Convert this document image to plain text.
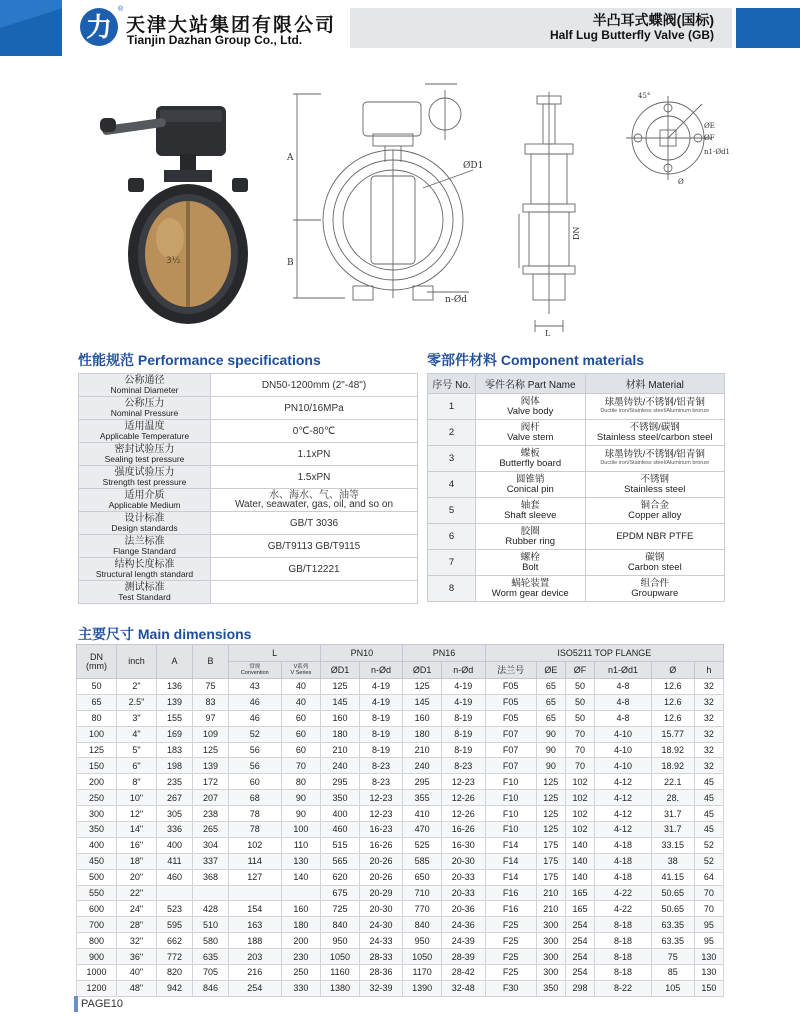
力
®
天津大站集团有限公司
Tianjin Dazhan Group Co., Ltd.
半凸耳式蝶阀(国标)
Half Lug Butterfly Valve (GB)
3½
A
B
ØD1
n-Ød
DN
L
45°
ØE
ØF
n1-Ød1
Ø
性能规范 Performance specifications
公称通径
Nominal Diameter	DN50-1200mm (2"-48")

公称压力
Nominal Pressure	PN10/16MPa

适用温度
Applicable Temperature	0℃-80℃

密封试验压力
Sealing test pressure	1.1xPN

强度试验压力
Strength test pressure	1.5xPN

适用介质
Applicable Medium	水、海水、气、油等
Water, seawater, gas, oil, and so on

设计标准
Design standards	GB/T 3036

法兰标准
Flange Standard	GB/T9113 GB/T9115

结构长度标准
Structural length standard	GB/T12221

测试标准
Test Standard	

零部件材料 Component materials
序号 No.	零件名称 Part Name	材料 Material
1	阀体
Valve body	球墨铸铁/不锈钢/铝青铜
Ductile iron/Stainless steel/Aluminum bronze

2	阀杆
Valve stem	不锈钢/碳钢
Stainless steel/carbon steel

3	蝶板
Butterfly board	球墨铸铁/不锈钢/铝青铜
Ductile iron/Stainless steel/Aluminum bronze

4	圆锥销
Conical pin	不锈钢
Stainless steel

5	轴套
Shaft sleeve	铜合金
Copper alloy

6	胶圈
Rubber ring	EPDM NBR PTFE

7	螺栓
Bolt	碳钢
Carbon steel

8	蜗轮装置
Worm gear device	组合件
Groupware
主要尺寸 Main dimensions
DN
(mm)	inch	A	B	L		PN10		PN16		ISO5211 TOP FLANGE					

				常规
Convention	V系列
V Series	ØD1	n-Ød	ØD1	n-Ød	法兰号	ØE	ØF	n1-Ød1	Ø	h
50	2"	136	75	43	40	125	4-19	125	4-19	F05	65	50	4-8	12.6	32
65	2.5"	139	83	46	40	145	4-19	145	4-19	F05	65	50	4-8	12.6	32
80	3"	155	97	46	60	160	8-19	160	8-19	F05	65	50	4-8	12.6	32
100	4"	169	109	52	60	180	8-19	180	8-19	F07	90	70	4-10	15.77	32
125	5"	183	125	56	60	210	8-19	210	8-19	F07	90	70	4-10	18.92	32
150	6"	198	139	56	70	240	8-23	240	8-23	F07	90	70	4-10	18.92	32
200	8"	235	172	60	80	295	8-23	295	12-23	F10	125	102	4-12	22.1	45
250	10"	267	207	68	90	350	12-23	355	12-26	F10	125	102	4-12	28.	45
300	12"	305	238	78	90	400	12-23	410	12-26	F10	125	102	4-12	31.7	45
350	14"	336	265	78	100	460	16-23	470	16-26	F10	125	102	4-12	31.7	45
400	16"	400	304	102	110	515	16-26	525	16-30	F14	175	140	4-18	33.15	52
450	18"	411	337	114	130	565	20-26	585	20-30	F14	175	140	4-18	38	52
500	20"	460	368	127	140	620	20-26	650	20-33	F14	175	140	4-18	41.15	64
550	22"					675	20-29	710	20-33	F16	210	165	4-22	50.65	70
600	24"	523	428	154	160	725	20-30	770	20-36	F16	210	165	4-22	50.65	70
700	28"	595	510	163	180	840	24-30	840	24-36	F25	300	254	8-18	63.35	95
800	32"	662	580	188	200	950	24-33	950	24-39	F25	300	254	8-18	63.35	95
900	36"	772	635	203	230	1050	28-33	1050	28-39	F25	300	254	8-18	75	130
1000	40"	820	705	216	250	1160	28-36	1170	28-42	F25	300	254	8-18	85	130
1200	48"	942	846	254	330	1380	32-39	1390	32-48	F30	350	298	8-22	105	150
PAGE10
